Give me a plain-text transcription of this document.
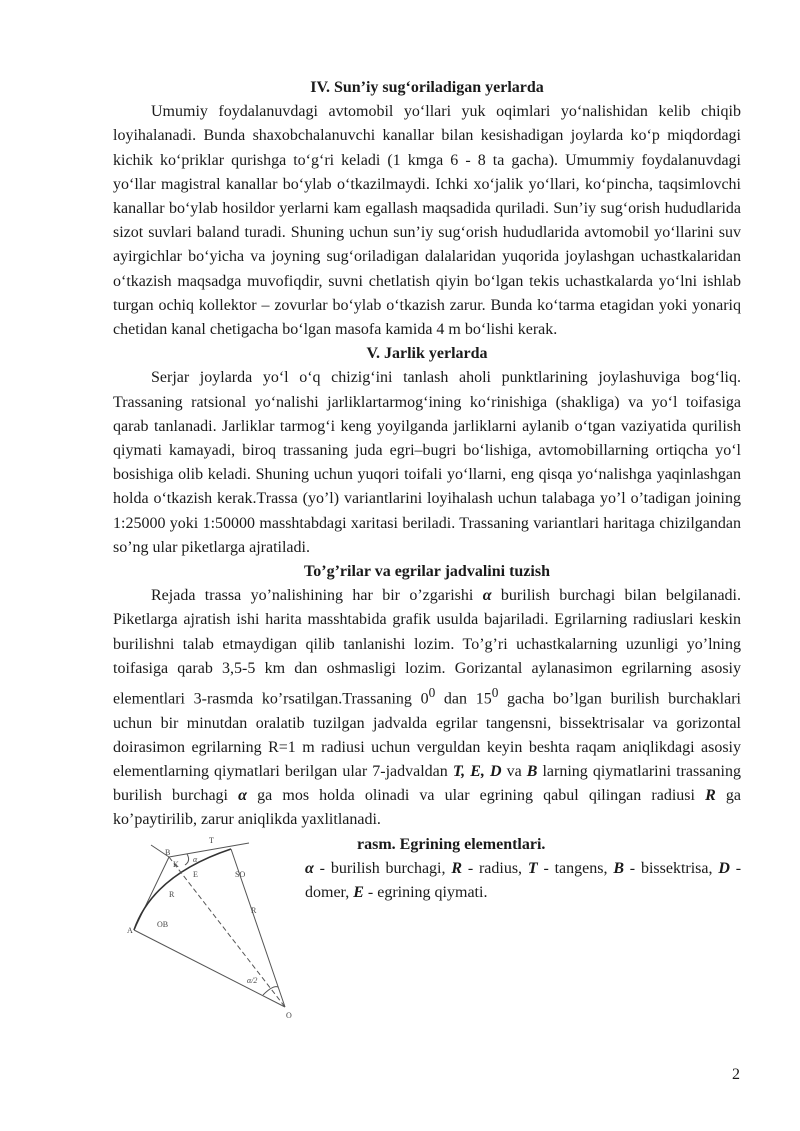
IV. Sun’iy sug‘oriladigan yerlarda

Umumiy foydalanuvdagi avtomobil yo‘llari yuk oqimlari yo‘nalishidan kelib chiqib loyihalanadi. Bunda shaxobchalanuvchi kanallar bilan kesishadigan joylarda ko‘p miqdordagi kichik ko‘priklar qurishga to‘g‘ri keladi (1 kmga 6 - 8 ta gacha). Umummiy foydalanuvdagi yo‘llar magistral kanallar bo‘ylab o‘tkazilmaydi. Ichki xo‘jalik yo‘llari, ko‘pincha, taqsimlovchi kanallar bo‘ylab hosildor yerlarni kam egallash maqsadida quriladi. Sun’iy sug‘orish hududlarida sizot suvlari baland turadi. Shuning uchun sun’iy sug‘orish hududlarida avtomobil yo‘llarini suv ayirgichlar bo‘yicha va joyning sug‘oriladigan dalalaridan yuqorida joylashgan uchastkalaridan o‘tkazish maqsadga muvofiqdir, suvni chetlatish qiyin bo‘lgan tekis uchastkalarda yo‘lni ishlab turgan ochiq kollektor – zovurlar bo‘ylab o‘tkazish zarur. Bunda ko‘tarma etagidan yoki yonariq chetidan kanal chetigacha bo‘lgan masofa kamida 4 m bo‘lishi kerak.

V. Jarlik yerlarda

Serjar joylarda yo‘l o‘q chizig‘ini tanlash aholi punktlarining joylashuviga bog‘liq. Trassaning ratsional yo‘nalishi jarliklartarmog‘ining ko‘rinishiga (shakliga) va yo‘l toifasiga qarab tanlanadi. Jarliklar tarmog‘i keng yoyilganda jarliklarni aylanib o‘tgan vaziyatida qurilish qiymati kamayadi, biroq trassaning juda egri–bugri bo‘lishiga, avtomobillarning ortiqcha yo‘l bosishiga olib keladi. Shuning uchun yuqori toifali yo‘llarni, eng qisqa yo‘nalishga yaqinlashgan holda o‘tkazish kerak.Trassa (yo’l) variantlarini loyihalash uchun talabaga yo’l o’tadigan joining 1:25000 yoki 1:50000 masshtabdagi xaritasi beriladi. Trassaning variantlari haritaga chizilgandan so’ng ular piketlarga ajratiladi.

To’g’rilar va egrilar jadvalini tuzish

Rejada trassa yo’nalishining har bir o’zgarishi α burilish burchagi bilan belgilanadi. Piketlarga ajratish ishi harita masshtabida grafik usulda bajariladi. Egrilarning radiuslari keskin burilishni talab etmaydigan qilib tanlanishi lozim. To’g’ri uchastkalarning uzunligi yo’lning toifasiga qarab 3,5-5 km dan oshmasligi lozim. Gorizantal aylanasimon egrilarning asosiy elementlari 3-rasmda ko’rsatilgan.Trassaning $0^0$ dan $15^0$ gacha bo’lgan burilish burchaklari uchun bir minutdan oralatib tuzilgan jadvalda egrilar tangensni, bissektrisalar va gorizontal doirasimon egrilarning R=1 m radiusi uchun verguldan keyin beshta raqam aniqlikdagi asosiy elementlarning qiymatlari berilgan ular 7-jadvaldan T, E, D va B larning qiymatlarini trassaning burilish burchagi α ga mos holda olinadi va ular egrining qabul qilingan radiusi R ga ko’paytirilib, zarur aniqlikda yaxlitlanadi.

rasm. Egrining elementlari.
α - burilish burchagi, R - radius, T - tangens, B - bissektrisa, D - domer, E - egrining qiymati.
T
α
B
K
E	SO
R
R
A
ОВ
α/2
O
2
